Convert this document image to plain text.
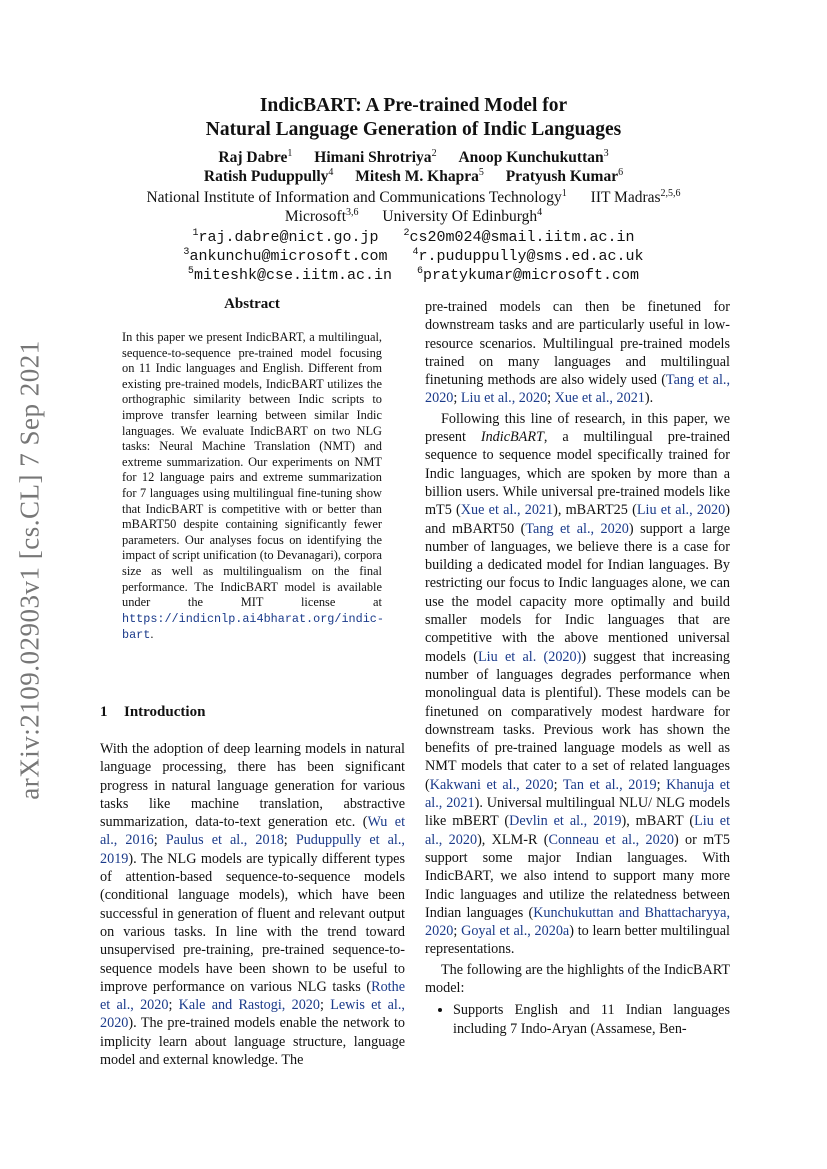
arXiv:2109.02903v1 [cs.CL] 7 Sep 2021
IndicBART: A Pre-trained Model for
Natural Language Generation of Indic Languages
Raj Dabre$^1$ Himani Shrotriya$^2$ Anoop Kunchukuttan$^3$
Ratish Puduppully$^4$ Mitesh M. Khapra$^5$ Pratyush Kumar$^6$
National Institute of Information and Communications Technology$^1$ IIT Madras$^{2,5,6}$
Microsoft$^{3,6}$ University Of Edinburgh$^4$
$^1$raj.dabre@nict.go.jp	$^2$cs20m024@smail.iitm.ac.in
$^3$ankunchu@microsoft.com	$^4$r.puduppully@sms.ed.ac.uk
$^5$miteshk@cse.iitm.ac.in	$^6$pratykumar@microsoft.com
Abstract
In this paper we present IndicBART, a multilingual, sequence-to-sequence pre-trained model focusing on 11 Indic languages and English. Different from existing pre-trained models, IndicBART utilizes the orthographic similarity between Indic scripts to improve transfer learning between similar Indic languages. We evaluate IndicBART on two NLG tasks: Neural Machine Translation (NMT) and extreme summarization. Our experiments on NMT for 12 language pairs and extreme summarization for 7 languages using multilingual fine-tuning show that IndicBART is competitive with or better than mBART50 despite containing significantly fewer parameters. Our analyses focus on identifying the impact of script unification (to Devanagari), corpora size as well as multilingualism on the final performance. The IndicBART model is available under the MIT license at https://indicnlp.ai4bharat.org/indic-bart.
1 Introduction

With the adoption of deep learning models in natural language processing, there has been significant progress in natural language generation for various tasks like machine translation, abstractive summarization, data-to-text generation etc. (Wu et al., 2016; Paulus et al., 2018; Puduppully et al., 2019). The NLG models are typically different types of attention-based sequence-to-sequence models (conditional language models), which have been successful in generation of fluent and relevant output on various tasks. In line with the trend toward unsupervised pre-training, pre-trained sequence-to-sequence models have been shown to be useful to improve performance on various NLG tasks (Rothe et al., 2020; Kale and Rastogi, 2020; Lewis et al., 2020). The pre-trained models enable the network to implicity learn about language structure, language model and external knowledge. The

pre-trained models can then be finetuned for downstream tasks and are particularly useful in low-resource scenarios. Multilingual pre-trained models trained on many languages and multilingual finetuning methods are also widely used (Tang et al., 2020; Liu et al., 2020; Xue et al., 2021).

Following this line of research, in this paper, we present IndicBART, a multilingual pre-trained sequence to sequence model specifically trained for Indic languages, which are spoken by more than a billion users. While universal pre-trained models like mT5 (Xue et al., 2021), mBART25 (Liu et al., 2020) and mBART50 (Tang et al., 2020) support a large number of languages, we believe there is a case for building a dedicated model for Indian languages. By restricting our focus to Indic languages alone, we can use the model capacity more optimally and build smaller models for Indic languages that are competitive with the above mentioned universal models (Liu et al. (2020)) suggest that increasing number of languages degrades performance when monolingual data is plentiful). These models can be finetuned on comparatively modest hardware for downstream tasks. Previous work has shown the benefits of pre-trained language models as well as NMT models that cater to a set of related languages (Kakwani et al., 2020; Tan et al., 2019; Khanuja et al., 2021). Universal multilingual NLU/ NLG models like mBERT (Devlin et al., 2019), mBART (Liu et al., 2020), XLM-R (Conneau et al., 2020) or mT5 support some major Indian languages. With IndicBART, we also intend to support many more Indic languages and utilize the relatedness between Indian languages (Kunchukuttan and Bhattacharyya, 2020; Goyal et al., 2020a) to learn better multilingual representations.

The following are the highlights of the IndicBART model:

• Supports English and 11 Indian languages including 7 Indo-Aryan (Assamese, Ben-
